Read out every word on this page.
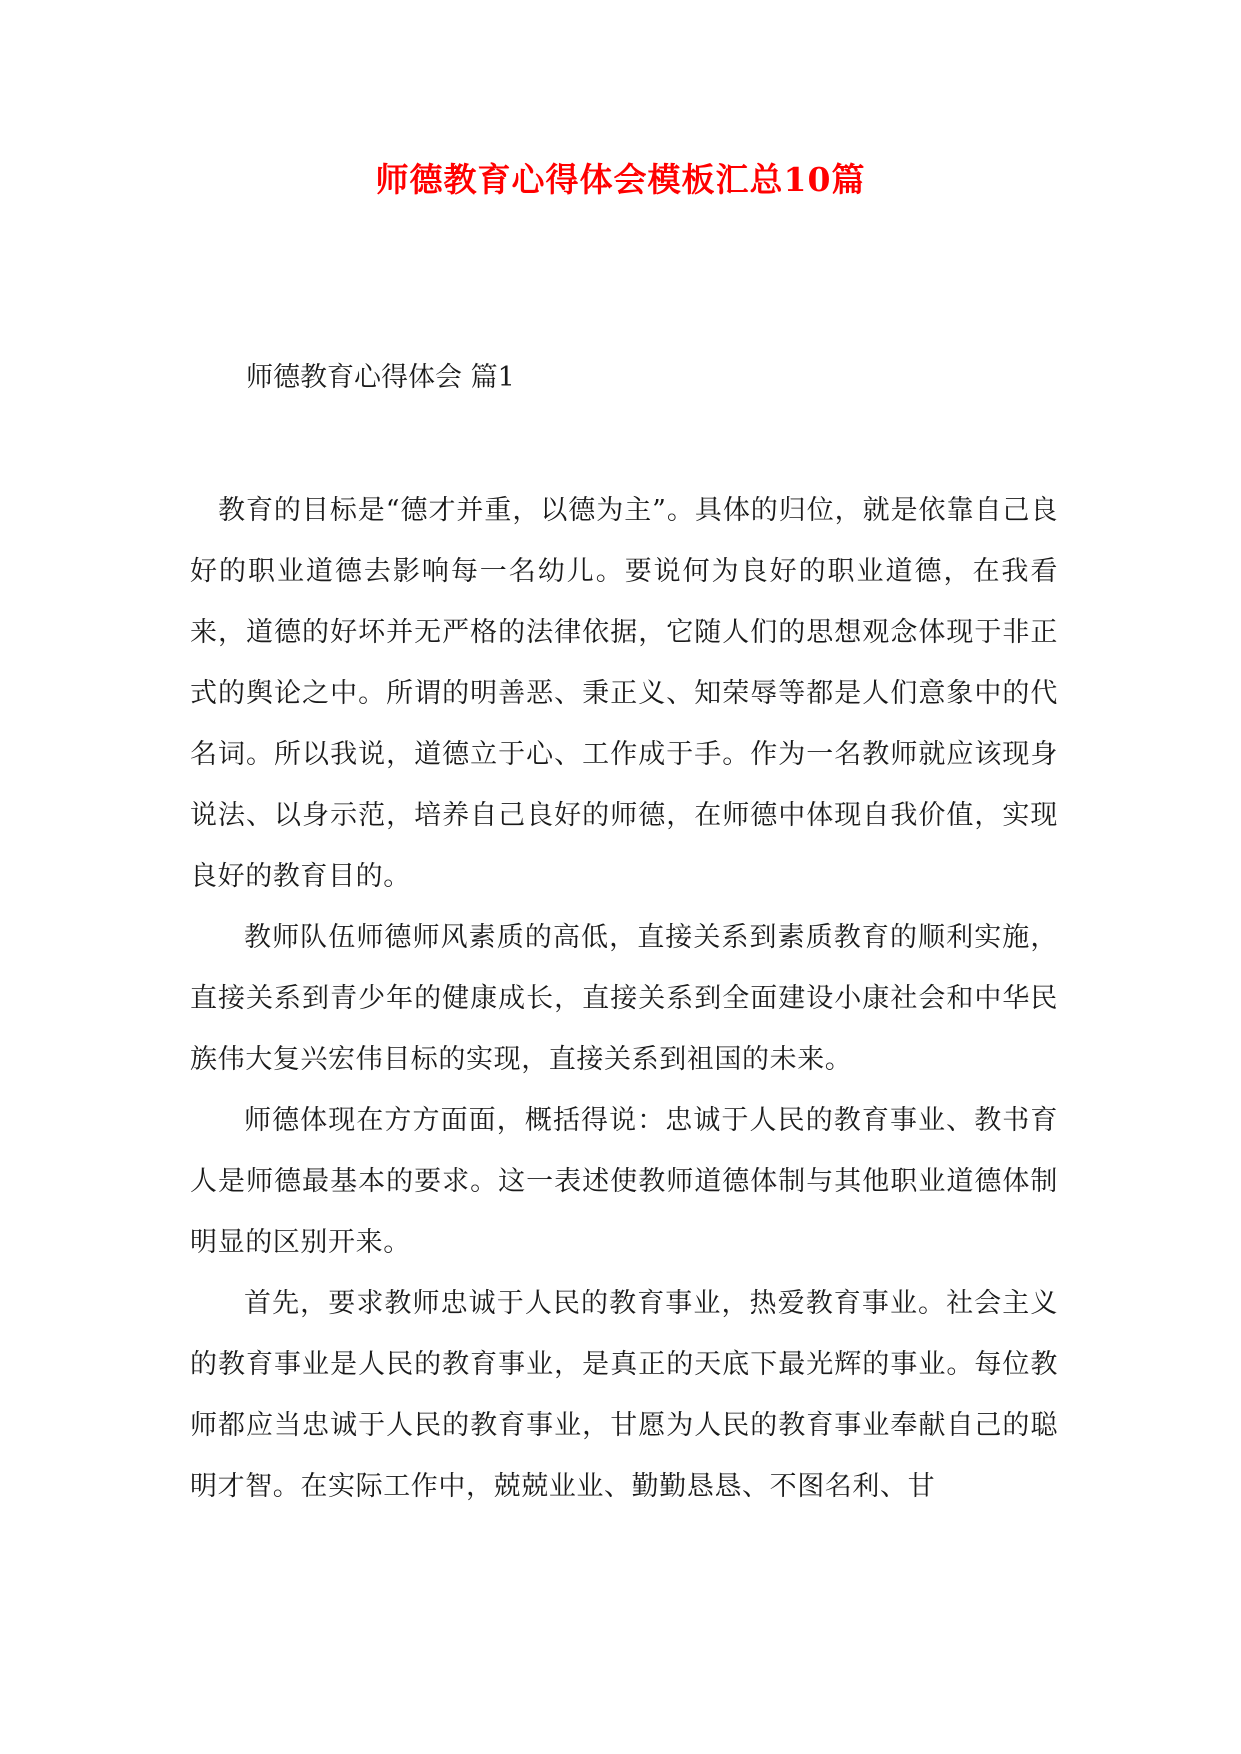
师德教育心得体会模板汇总10篇
师德教育心得体会 篇1

教育的目标是“德才并重，以德为主”。具体的归位，就是依靠自己良好的职业道德去影响每一名幼儿。要说何为良好的职业道德，在我看来，道德的好坏并无严格的法律依据，它随人们的思想观念体现于非正式的舆论之中。所谓的明善恶、秉正义、知荣辱等都是人们意象中的代名词。所以我说，道德立于心、工作成于手。作为一名教师就应该现身说法、以身示范，培养自己良好的师德，在师德中体现自我价值，实现良好的教育目的。

教师队伍师德师风素质的高低，直接关系到素质教育的顺利实施，直接关系到青少年的健康成长，直接关系到全面建设小康社会和中华民族伟大复兴宏伟目标的实现，直接关系到祖国的未来。

师德体现在方方面面，概括得说：忠诚于人民的教育事业、教书育人是师德最基本的要求。这一表述使教师道德体制与其他职业道德体制明显的区别开来。

首先，要求教师忠诚于人民的教育事业，热爱教育事业。社会主义的教育事业是人民的教育事业，是真正的天底下最光辉的事业。每位教师都应当忠诚于人民的教育事业，甘愿为人民的教育事业奉献自己的聪明才智。在实际工作中，兢兢业业、勤勤恳恳、不图名利、甘
